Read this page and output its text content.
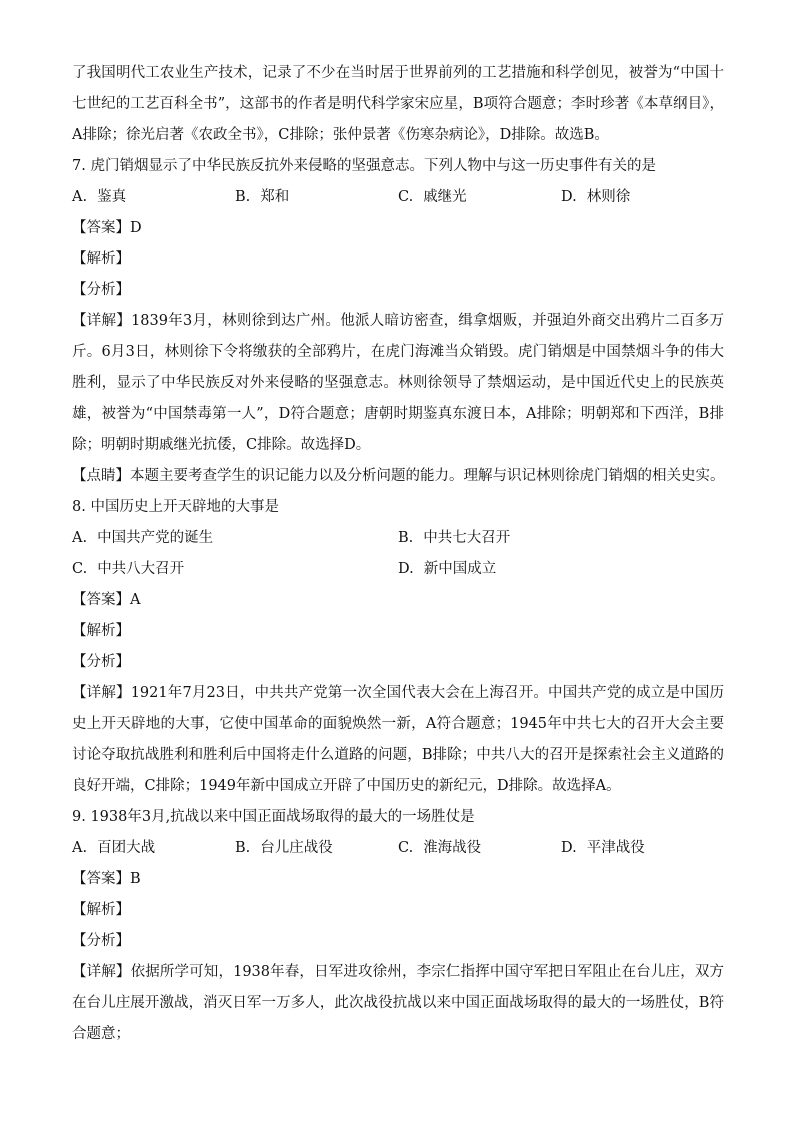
了我国明代工农业生产技术，记录了不少在当时居于世界前列的工艺措施和科学创见，被誉为“中国十七世纪的工艺百科全书”，这部书的作者是明代科学家宋应星，B项符合题意；李时珍著《本草纲目》，A排除；徐光启著《农政全书》，C排除；张仲景著《伤寒杂病论》，D排除。故选B。
7. 虎门销烟显示了中华民族反抗外来侵略的坚强意志。下列人物中与这一历史事件有关的是
A. 鉴真	B. 郑和	C. 戚继光	D. 林则徐
【答案】D
【解析】
【分析】
【详解】1839年3月，林则徐到达广州。他派人暗访密查，缉拿烟贩，并强迫外商交出鸦片二百多万斤。6月3日，林则徐下令将缴获的全部鸦片，在虎门海滩当众销毁。虎门销烟是中国禁烟斗争的伟大胜利，显示了中华民族反对外来侵略的坚强意志。林则徐领导了禁烟运动，是中国近代史上的民族英雄，被誉为“中国禁毒第一人”，D符合题意；唐朝时期鉴真东渡日本，A排除；明朝郑和下西洋，B排除；明朝时期戚继光抗倭，C排除。故选择D。
【点睛】本题主要考查学生的识记能力以及分析问题的能力。理解与识记林则徐虎门销烟的相关史实。
8. 中国历史上开天辟地的大事是
A. 中国共产党的诞生	B. 中共七大召开
C. 中共八大召开	D. 新中国成立
【答案】A
【解析】
【分析】
【详解】1921年7月23日，中共共产党第一次全国代表大会在上海召开。中国共产党的成立是中国历史上开天辟地的大事，它使中国革命的面貌焕然一新，A符合题意；1945年中共七大的召开大会主要讨论夺取抗战胜利和胜利后中国将走什么道路的问题，B排除；中共八大的召开是探索社会主义道路的良好开端，C排除；1949年新中国成立开辟了中国历史的新纪元，D排除。故选择A。
9. 1938年3月,抗战以来中国正面战场取得的最大的一场胜仗是
A. 百团大战	B. 台儿庄战役	C. 淮海战役	D. 平津战役
【答案】B
【解析】
【分析】
【详解】依据所学可知，1938年春，日军进攻徐州，李宗仁指挥中国守军把日军阻止在台儿庄，双方在台儿庄展开激战，消灭日军一万多人，此次战役抗战以来中国正面战场取得的最大的一场胜仗，B符合题意；
